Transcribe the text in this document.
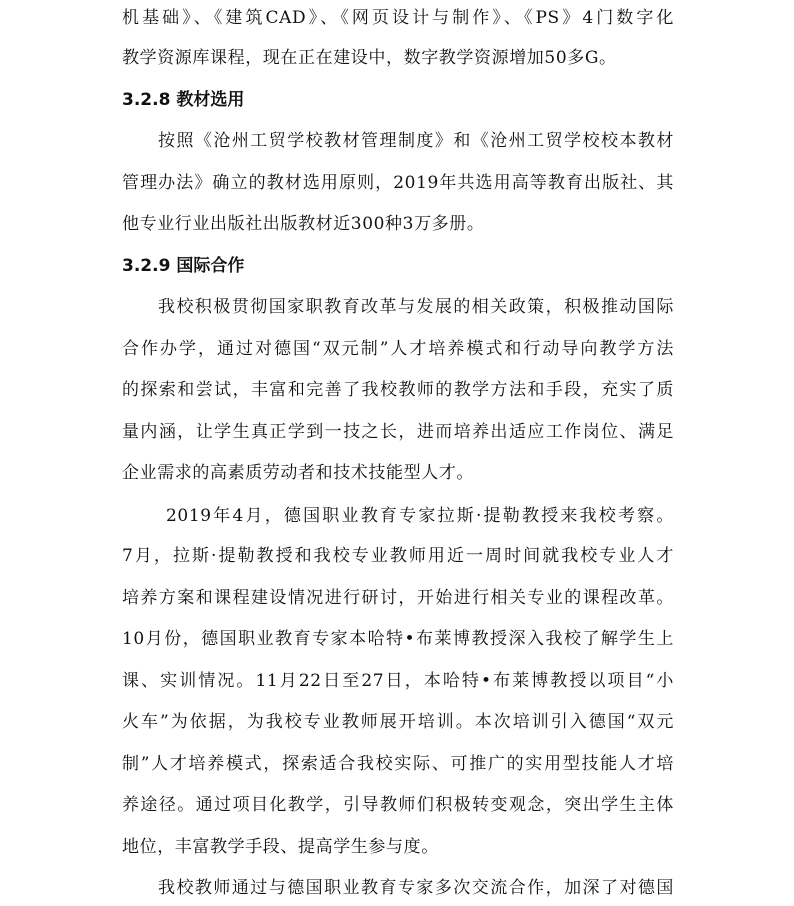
机基础》、《建筑CAD》、《网页设计与制作》、《PS》4门数字化
教学资源库课程，现在正在建设中，数字教学资源增加50多G。
3.2.8 教材选用
按照《沧州工贸学校教材管理制度》和《沧州工贸学校校本教材
管理办法》确立的教材选用原则，2019年共选用高等教育出版社、其
他专业行业出版社出版教材近300种3万多册。
3.2.9 国际合作
我校积极贯彻国家职教育改革与发展的相关政策，积极推动国际
合作办学，通过对德国“双元制”人才培养模式和行动导向教学方法
的探索和尝试，丰富和完善了我校教师的教学方法和手段，充实了质
量内涵，让学生真正学到一技之长，进而培养出适应工作岗位、满足
企业需求的高素质劳动者和技术技能型人才。
2019年4月，德国职业教育专家拉斯·提勒教授来我校考察。
7月，拉斯·提勒教授和我校专业教师用近一周时间就我校专业人才
培养方案和课程建设情况进行研讨，开始进行相关专业的课程改革。
10月份，德国职业教育专家本哈特•布莱博教授深入我校了解学生上
课、实训情况。11月22日至27日，本哈特•布莱博教授以项目“小
火车”为依据，为我校专业教师展开培训。本次培训引入德国“双元
制”人才培养模式，探索适合我校实际、可推广的实用型技能人才培
养途径。通过项目化教学，引导教师们积极转变观念，突出学生主体
地位，丰富教学手段、提高学生参与度。
我校教师通过与德国职业教育专家多次交流合作，加深了对德国
